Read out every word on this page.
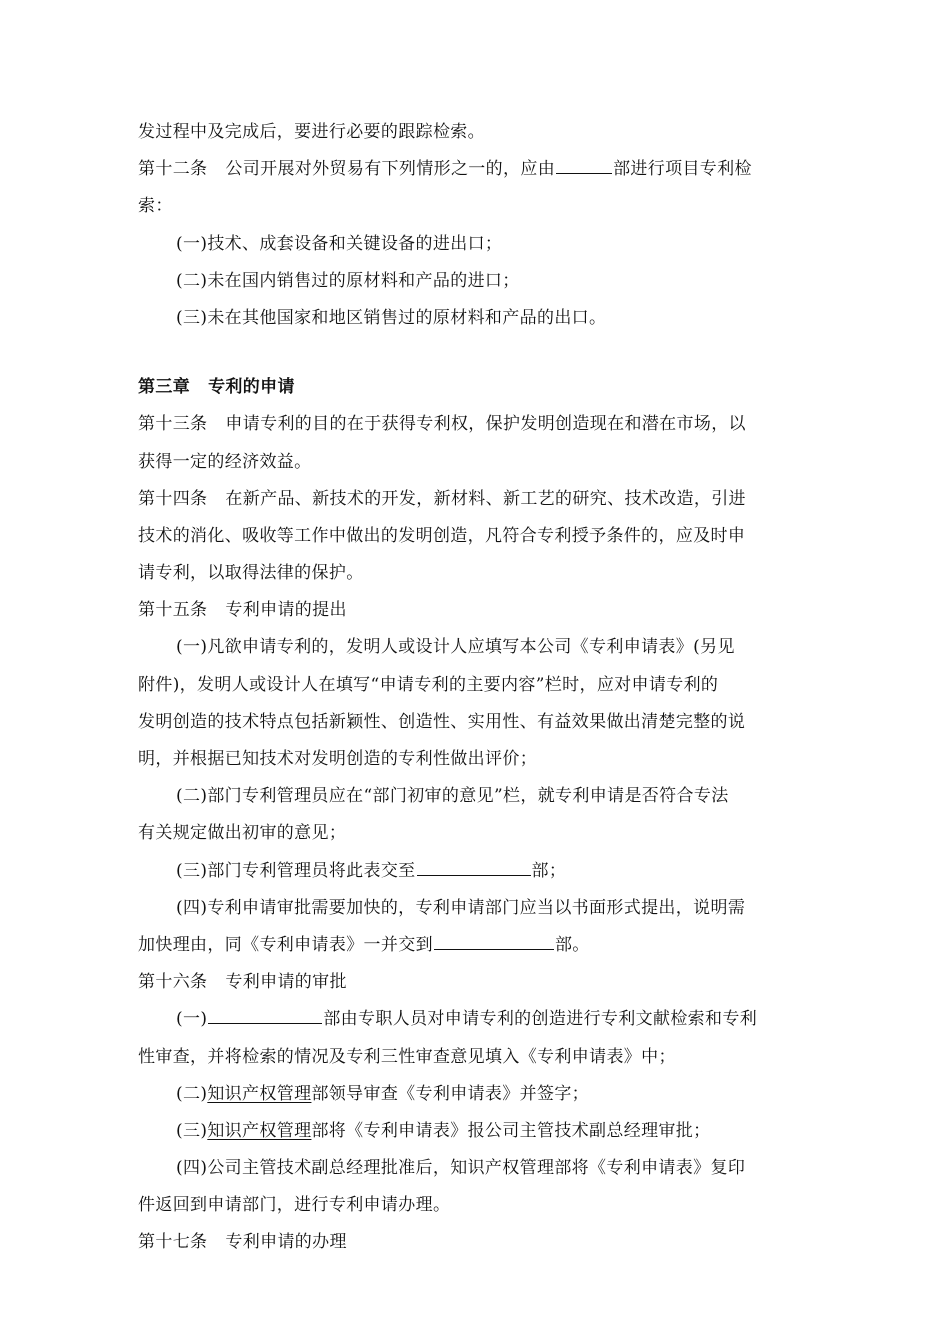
发过程中及完成后，要进行必要的跟踪检索。
第十二条 公司开展对外贸易有下列情形之一的，应由	部进行项目专利检
索：
(一)技术、成套设备和关键设备的进出口；
(二)未在国内销售过的原材料和产品的进口；
(三)未在其他国家和地区销售过的原材料和产品的出口。
第三章 专利的申请
第十三条 申请专利的目的在于获得专利权，保护发明创造现在和潜在市场，以
获得一定的经济效益。
第十四条 在新产品、新技术的开发，新材料、新工艺的研究、技术改造，引进
技术的消化、吸收等工作中做出的发明创造，凡符合专利授予条件的，应及时申
请专利，以取得法律的保护。
第十五条 专利申请的提出
(一)凡欲申请专利的，发明人或设计人应填写本公司《专利申请表》(另见
附件)，发明人或设计人在填写“申请专利的主要内容”栏时，应对申请专利的
发明创造的技术特点包括新颖性、创造性、实用性、有益效果做出清楚完整的说
明，并根据已知技术对发明创造的专利性做出评价；
(二)部门专利管理员应在“部门初审的意见”栏，就专利申请是否符合专法
有关规定做出初审的意见；
(三)部门专利管理员将此表交至	部；
(四)专利申请审批需要加快的，专利申请部门应当以书面形式提出，说明需
加快理由，同《专利申请表》一并交到	部。
第十六条 专利申请的审批
(一)	部由专职人员对申请专利的创造进行专利文献检索和专利
性审查，并将检索的情况及专利三性审查意见填入《专利申请表》中；
(二)知识产权管理部领导审查《专利申请表》并签字；
(三)知识产权管理部将《专利申请表》报公司主管技术副总经理审批；
(四)公司主管技术副总经理批准后，知识产权管理部将《专利申请表》复印
件返回到申请部门，进行专利申请办理。
第十七条 专利申请的办理
